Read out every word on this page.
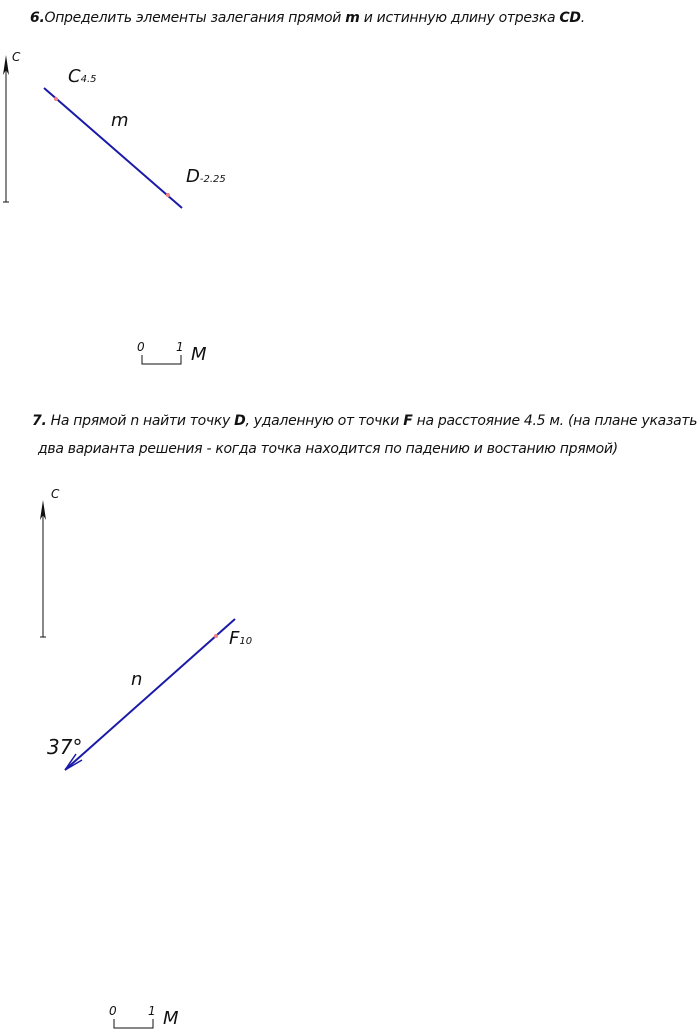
6.Определить элементы залегания прямой m и истинную длину отрезка CD.
7. На прямой n найти точку D, удаленную от точки F на расстояние 4.5 м. (на плане указать
два варианта решения - когда точка находится по падению и востанию прямой)
C
C4.5
m
D-2.25
0	1 M
C
F10
n
37°
0	1 M
